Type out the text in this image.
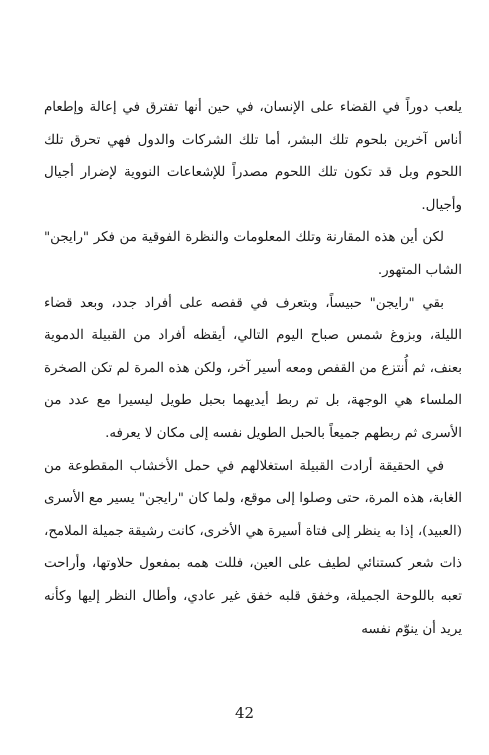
يلعب دوراً في القضاء على الإنسان، في حين أنها تفترق في إعالة وإطعام أناس آخرين بلحوم تلك البشر، أما تلك الشركات والدول فهي تحرق تلك اللحوم وبل قد تكون تلك اللحوم مصدراً للإشعاعات النووية لإضرار أجيال وأجيال.

لكن أين هذه المقارنة وتلك المعلومات والنظرة الفوقية من فكر "رايجن" الشاب المتهور.

بقي "رايجن" حبيساً، وبتعرف في قفصه على أفراد جدد، وبعد قضاء الليلة، وبزوغ شمس صباح اليوم التالي، أيقظه أفراد من القبيلة الدموية بعنف، ثم أُنتزع من القفص ومعه أسير آخر، ولكن هذه المرة لم تكن الصخرة الملساء هي الوجهة، بل تم ربط أيديهما بحبل طويل ليسيرا مع عدد من الأسرى ثم ربطهم جميعاً بالحبل الطويل نفسه إلى مكان لا يعرفه.

في الحقيقة أرادت القبيلة استغلالهم في حمل الأخشاب المقطوعة من الغابة، هذه المرة، حتى وصلوا إلى موقع، ولما كان "رايجن" يسير مع الأسرى (العبيد)، إذا به ينظر إلى فتاة أسيرة هي الأخرى، كانت رشيقة جميلة الملامح، ذات شعر كستنائي لطيف على العين، فللت همه بمفعول حلاوتها، وأراحت تعبه باللوحة الجميلة، وخفق قلبه خفق غير عادي، وأطال النظر إليها وكأنه يريد أن ينوّم نفسه

42
